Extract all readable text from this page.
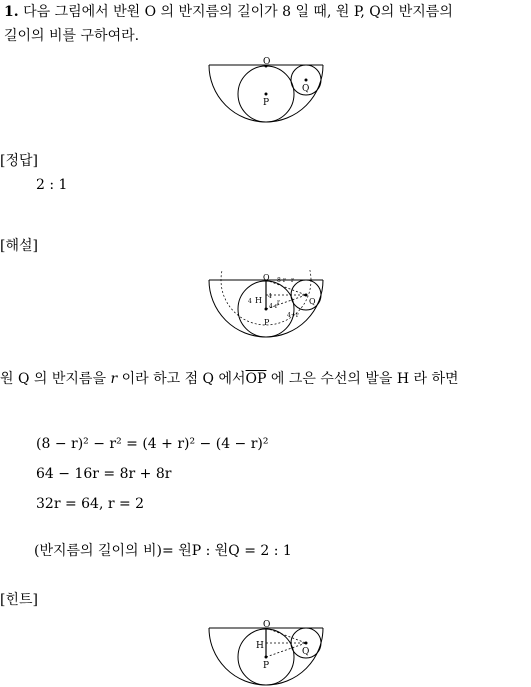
1. 다음 그림에서 반원 O 의 반지름의 길이가 8 일 때, 원 P, Q의 반지름의
길이의 비를 구하여라.
O
P
Q
[정답]
2 : 1
[해설]
O
P
Q
H
8-r r
4
4	r
4+r
4-r
원 Q 의 반지름을 r 이라 하고 점 Q 에서$\overline{OP}$ 에 그은 수선의 발을 H 라 하면
(8 − r)² − r² = (4 + r)² − (4 − r)²
64 − 16r = 8r + 8r
32r = 64, r = 2
(반지름의 길이의 비)= 원P : 원Q = 2 : 1
[힌트]
O
H
P
Q
